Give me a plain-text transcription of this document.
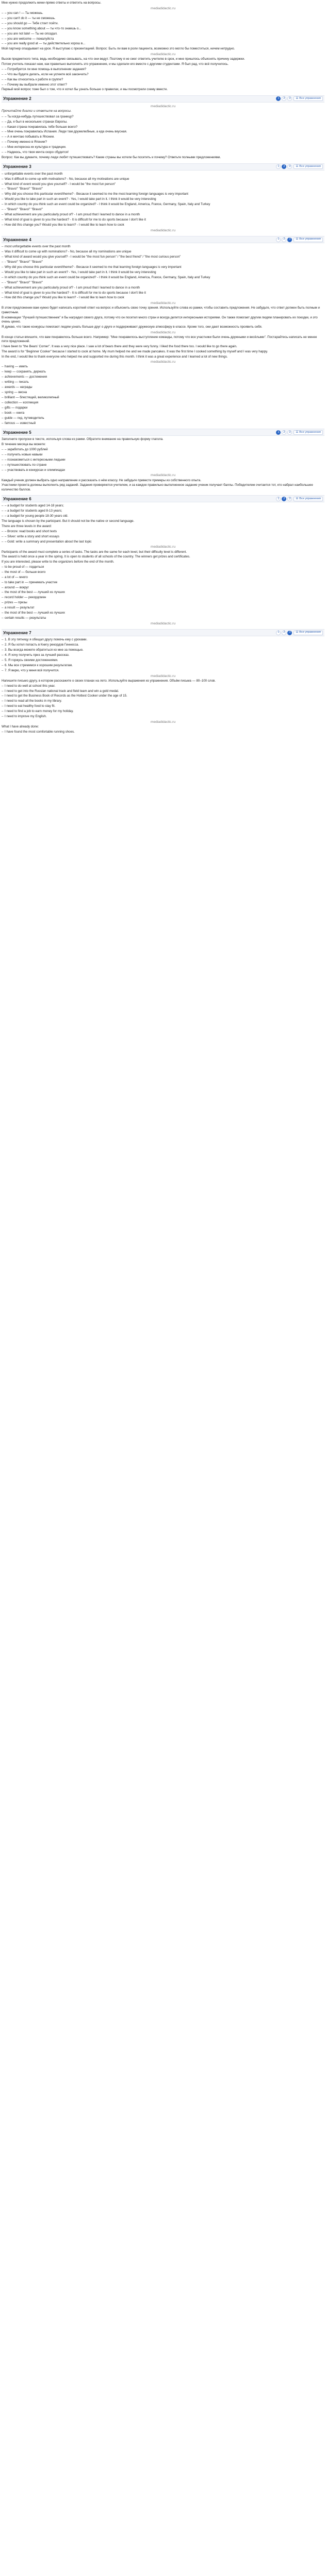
Мне нужно продолжить мини-прямо ответы и ответить на вопросы.

mediadidactic.ru
– – you can ! — Ты можешь.
– – you can't do it — ты не сможешь.
– – you should go — Тебе стоит пойти.
– – you know something about — ты что-то знаешь о...
– – you are not late! — Ты не опоздал.
– – you are welcome — пожалуйста
– – you are really good at — ты действительно хорош в...

Мой партнер опаздывает на урок. Я выступаю с презентацией. Вопрос: Быть ли вам в роли пациента, возможно это могло бы поместиться, ничем нетрудно.

mediadidactic.ru

Вызов предметного типа, ведь необходимо связывать, на что они ведут. Поэтому я не смог ответить учителю в срок, и мне пришлось объяснять причину задержки.

Потом учитель показал нам, как правильно выполнять это упражнение, и мы сделали его вместе с другими студентами. Я был рад, что всё получилось.

– – Потребуется ли мне помощь в выполнении задания?
– – Что вы будете делать, если не успеете всё закончить?
– – Как вы относитесь к работе в группе?
– – Почему вы выбрали именно этот ответ?

Первый мой вопрос тоже был о том, что я хотел бы узнать больше о правилах, и мы посмотрели схему вместе.

Упражнение 2	1	2	3	☰ Все упражнения
mediadidactic.ru

Прочитайте диалог и ответьте на вопросы.

– – Ты когда-нибудь путешествовал за границу?
– – Да, я был в нескольких странах Европы.
– – Какая страна понравилась тебе больше всего?
– – Мне очень понравилась Испания. Люди там дружелюбные, а еда очень вкусная.
– – А я мечтаю побывать в Японии.
– – Почему именно в Японии?
– – Мне интересна их культура и традиции.
– – Надеюсь, что твоя мечта скоро сбудется!

Вопрос: Как вы думаете, почему люди любят путешествовать? Какие страны вы хотели бы посетить и почему? Ответьте полными предложениями.

Упражнение 3	1	2	3	☰ Все упражнения
– unforgettable events over the past month
– Was it difficult to come up with motivations? - No, because all my motivations are unique
– What kind of event would you give yourself? - I would be "the most fun person"
– - "Bravo!" "Bravo!" "Bravo!"
– Why did you choose this particular event/theme? - Because it seemed to me the most learning foreign languages is very important
– Would you like to take part in such an event? - Yes, I would take part in it. I think it would be very interesting
– In which country do you think such an event could be organized? - I think it would be England, America, France, Germany, Spain, Italy and Turkey
– - "Bravo!" "Bravo!" "Bravo!"
– What achievement are you particularly proud of? - I am proud that I learned to dance in a month
– What kind of goal is given to you the hardest? - It is difficult for me to do sports because I don't like it
– How did this change you? Would you like to learn? - I would like to learn how to cook
mediadidactic.ru
Упражнение 4	1	2	3	☰ Все упражнения
– most unforgettable events over the past month
– Was it difficult to come up with nominations? - No, because all my nominations are unique
– What kind of award would you give yourself? - I would be "the most fun person" / "the best friend" / "the most curious person"
– - "Bravo!" "Bravo!" "Bravo!"
– Why did you choose this particular event/theme? - Because it seemed to me that learning foreign languages is very important
– Would you like to take part in such an event? - Yes, I would take part in it. I think it would be very interesting
– In which country do you think such an event could be organized? - I think it would be England, America, France, Germany, Spain, Italy and Turkey
– - "Bravo!" "Bravo!" "Bravo!"
– What achievement are you particularly proud of? - I am proud that I learned to dance in a month
– What kind of goal is given to you the hardest? - It is difficult for me to do sports because I don't like it
– How did this change you? Would you like to learn? - I would like to learn how to cook
mediadidactic.ru

В этом предложении вам нужно будет написать короткий ответ на вопрос и объяснить свою точку зрения. Используйте слова из рамки, чтобы составить предложения. Не забудьте, что ответ должен быть полным и грамотным.

В номинации "Лучший путешественник" я бы наградил своего друга, потому что он посетил много стран и всегда делится интересными историями. Он также помогает другим людям планировать их поездки, и это очень ценно.

Я думаю, что такие конкурсы помогают людям узнать больше друг о друге и поддерживают дружескую атмосферу в классе. Кроме того, они дают возможность проявить себя.

mediadidactic.ru

В конце статьи впишите, что вам понравилось больше всего. Например: "Мне понравилось выступление команды, потому что все участники были очень дружными и весёлыми". Постарайтесь написать не менее пяти предложений.

I have been to "the Bears' Corner". It was a very nice place. I saw a lot of bears there and they were very funny. I liked the food there too. I would like to go there again.

The award is for "Beginner Cooker" because I started to cook at home. My mum helped me and we made pancakes. It was the first time I cooked something by myself and I was very happy.

In the end, I would like to thank everyone who helped me and supported me during this month. I think it was a great experience and I learned a lot of new things.

mediadidactic.ru
– having — иметь
– keep — сохранять, держать
– achievements — достижения
– writing — писать
– awards — награды
– spring — весна
– brilliant — блестящий, великолепный
– collection — коллекция
– gifts — подарки
– book — книга
– guide — гид, путеводитель
– famous — известный
Упражнение 5	1	2	3	☰ Все упражнения

Заполните пропуски в тексте, используя слова из рамки. Обратите внимание на правильную форму глагола.

В течение месяца вы можете:

– – заработать до 1000 рублей
– – получить новые навыки
– – познакомиться с интересными людьми
– – путешествовать по стране
– – участвовать в конкурсах и олимпиадах
mediadidactic.ru

Каждый ученик должен выбрать одно направление и рассказать о нём классу. Не забудьте привести примеры из собственного опыта.

Участники проекта должны выполнить ряд заданий. Задания проверяются учителем, и за каждое правильно выполненное задание ученик получает баллы. Победителем считается тот, кто набрал наибольшее количество баллов.

Упражнение 6	1	2	3	☰ Все упражнения
– – a budget for students aged 14-18 years;
– – a budget for students aged 8-13 years;
– – a budget for young people 18-30 years old.

The language is chosen by the participant. But it should not be the native or second language.

There are three levels in the award:

– – Bronze: read books and short texts
– – Silver: write a story and short essays
– – Gold: write a summary and presentation about the last topic
mediadidactic.ru

Participants of the award must complete a series of tasks. The tasks are the same for each level, but their difficulty level is different.

The award is held once a year in the spring. It is open to students of all schools of the country. The winners get prizes and certificates.

If you are interested, please write to the organizers before the end of the month.

– to be proud of — гордиться
– the most of — больше всего
– a lot of — много
– to take part in — принимать участие
– around — вокруг
– the most of the best — лучший из лучших
– record holder — рекордсмен
– prizes — призы
– a result — результат
– the most of the best — лучший из лучших
– certain results — результаты
mediadidactic.ru
Упражнение 7	1	2	3	☰ Все упражнения
– 1. В эту пятницу я обещал другу помочь ему с уроками.
– 2. Я бы хотел попасть в Книгу рекордов Гиннесса.
– 3. Вы всегда можете обратиться ко мне за помощью.
– 4. Я хочу получить приз за лучший рассказ.
– 5. Я горжусь своими достижениями.
– 6. Мы все стремимся к хорошим результатам.
– 7. Я верю, что у меня всё получится.
mediadidactic.ru

Напишите письмо другу, в котором расскажите о своих планах на лето. Используйте выражения из упражнения. Объём письма — 80–100 слов.

– I need to do well at school this year.
– I need to get into the Russian national track and field team and win a gold medal.
– I need to get the Business Book of Records as the Hottest Cooker under the age of 15.
– I need to read all the books in my library.
– I need to eat healthy food to stay fit.
– I need to find a job to earn money for my holiday.
– I need to improve my English.
mediadidactic.ru

What I have already done:

– I have found the most comfortable running shoes.
